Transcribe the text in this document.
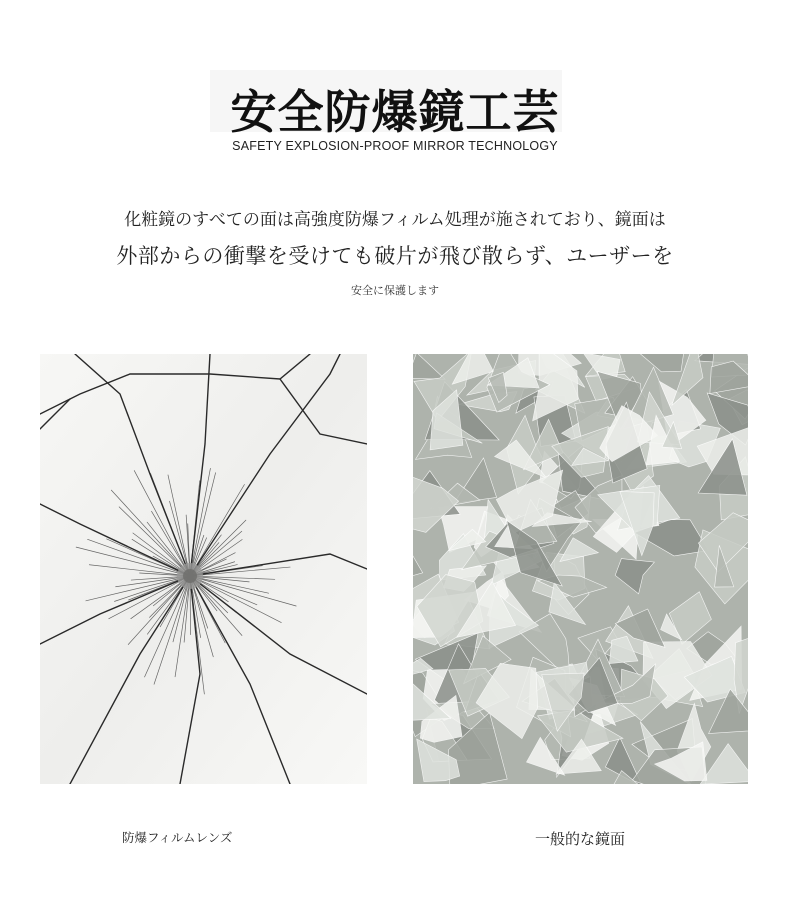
安全防爆鏡工芸
SAFETY EXPLOSION-PROOF MIRROR TECHNOLOGY
化粧鏡のすべての面は高強度防爆フィルム処理が施されており、鏡面は
外部からの衝撃を受けても破片が飛び散らず、ユーザーを
安全に保護します
防爆フィルムレンズ	一般的な鏡面
